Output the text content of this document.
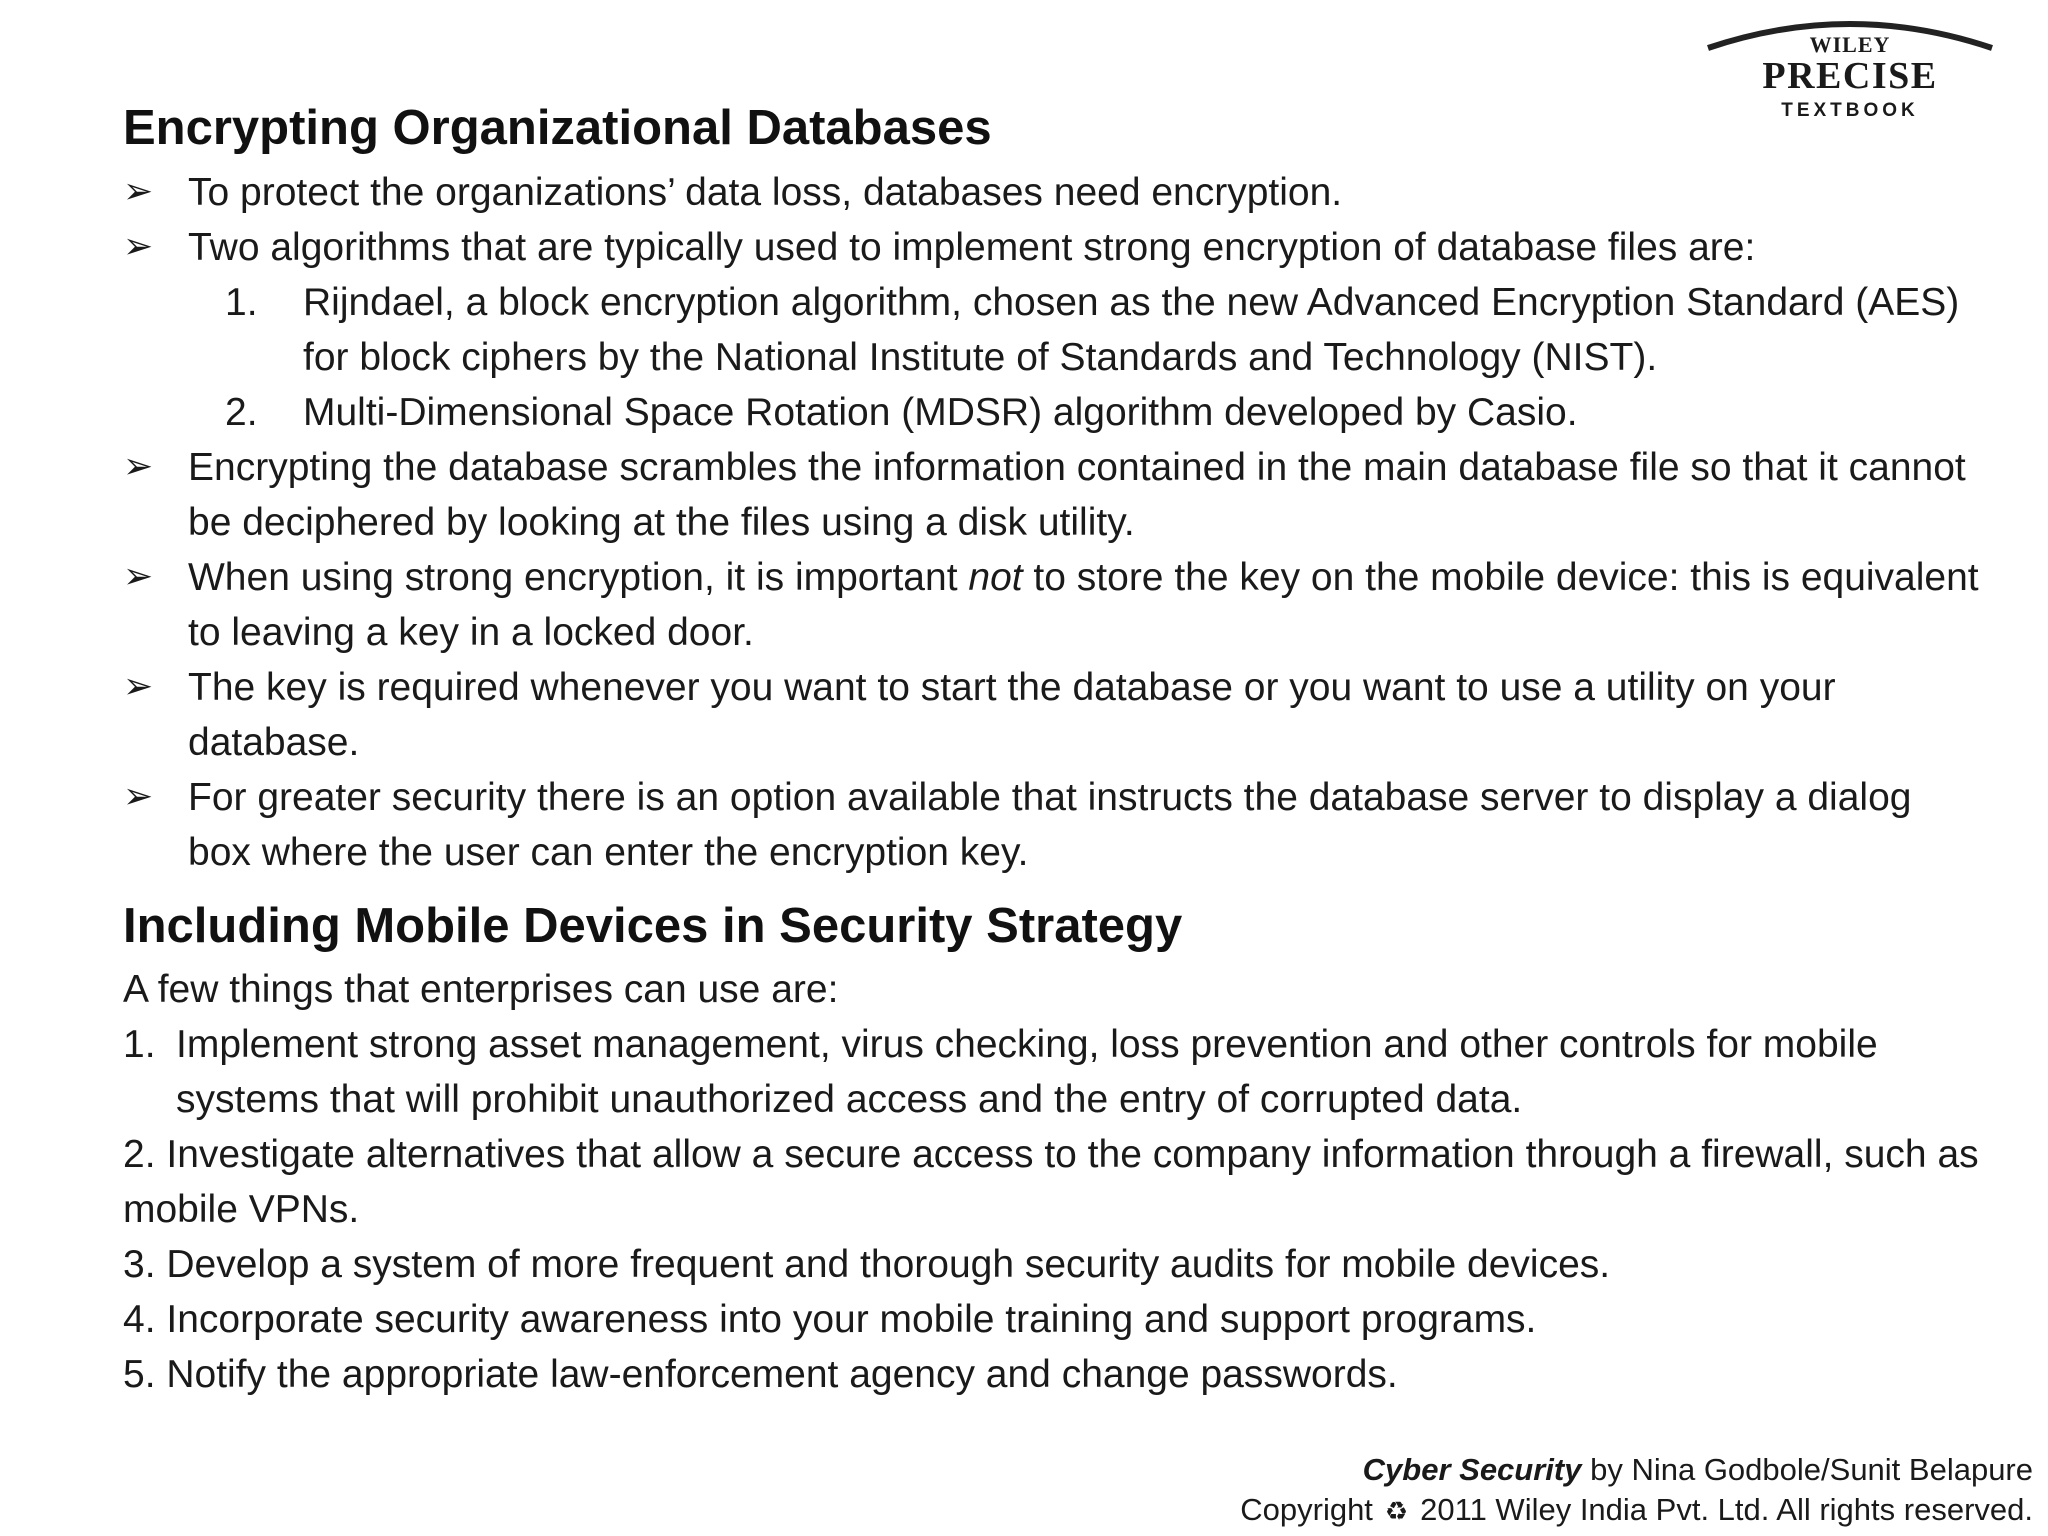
WILEY
PRECISE
TEXTBOOK
Encrypting Organizational Databases
➢ To protect the organizations’ data loss, databases need encryption.
➢ Two algorithms that are typically used to implement strong encryption of database files are:
1. Rijndael, a block encryption algorithm, chosen as the new Advanced Encryption Standard (AES) for block ciphers by the National Institute of Standards and Technology (NIST).
2. Multi-Dimensional Space Rotation (MDSR) algorithm developed by Casio.
➢ Encrypting the database scrambles the information contained in the main database file so that it cannot be deciphered by looking at the files using a disk utility.
➢ When using strong encryption, it is important not to store the key on the mobile device: this is equivalent to leaving a key in a locked door.
➢ The key is required whenever you want to start the database or you want to use a utility on your database.
➢ For greater security there is an option available that instructs the database server to display a dialog box where the user can enter the encryption key.
Including Mobile Devices in Security Strategy
A few things that enterprises can use are:
1. Implement strong asset management, virus checking, loss prevention and other controls for mobile systems that will prohibit unauthorized access and the entry of corrupted data.
2. Investigate alternatives that allow a secure access to the company information through a firewall, such as mobile VPNs.
3. Develop a system of more frequent and thorough security audits for mobile devices.
4. Incorporate security awareness into your mobile training and support programs.
5. Notify the appropriate law-enforcement agency and change passwords.
Cyber Security by Nina Godbole/Sunit Belapure
Copyright ♻ 2011 Wiley India Pvt. Ltd. All rights reserved.
